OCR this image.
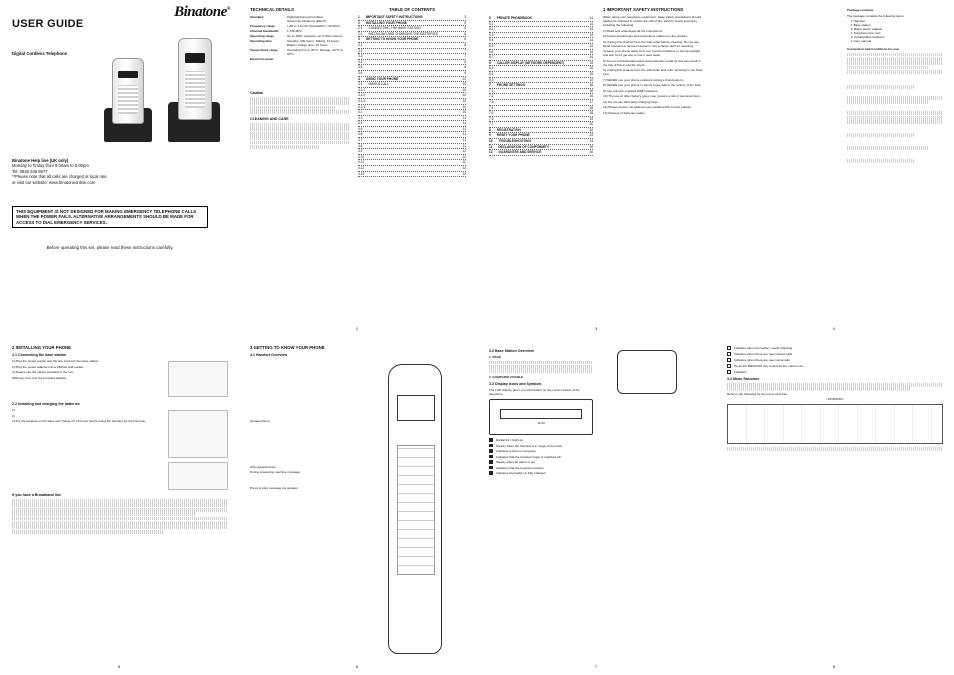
Binatone®
USER GUIDE
Digital Cordless Telephone
Binatone Help line (UK only)
Monday to Friday from 9.00am to 5.00pm
Tel: 0845 345 9677
**Please note that all calls are charged at local rate
or visit our website: www.binatoneonline.com
THIS EQUIPMENT IS NOT DESIGNED FOR MAKING EMERGENCY TELEPHONE CALLS WHEN THE POWER FAILS. ALTERNATIVE ARRANGEMENTS SHOULD BE MADE FOR ACCESS TO DIAL EMERGENCY SERVICES.
Before operating this set, please read these instructions carefully.
TECHNICAL DETAILS
Standard	Digital Enhanced Cordless Telecommunications (DECT)
Frequency range	1.88 to 1.9 GHz (bandwidth = 20 MHz)
Channel bandwidth	1.728 MHz
Operating range	Up to 300m outdoors; up to 50m indoors
Operating time	Standby: 100 hours, Talking: 10 hours, Battery charge time: 15 hours
Temperature range	Operating 0°C to 40°C, Storage -20°C to 60°C
Electrical power
Caution
CLEANING AND CARE
TABLE OF CONTENTS
1 IMPORTANT SAFETY INSTRUCTIONS	3
2 INSTALLING YOUR PHONE	5
2.1 CONNECTING THE BASE STATION	5
2.2 INSTALLING AND CHARGING THE BATTERIES	5
3 GETTING TO KNOW YOUR PHONE	6
3.1	6
3.2	7
3.3	7
3.4	8
3.5	8
3.6	9
4 USING YOUR PHONE	10
4.1 MAKE A CALL	10
4.1.1	10
4.1.2	10
4.1.3	10
4.1.4	10
4.2	10
4.3	11
4.4	11
4.5	11
4.6	11
4.7	11
4.8	11
4.9	12
4.10	12
4.11	12
4.12	12
4.13	13
1
5 PRIVATE PHONEBOOK	14
5.1	14
5.2	14
5.3	14
5.4	14
5.5	14
5.6	14
5.7	14
6 CALLER DISPLAY (NETWORK DEPENDENT)	15
6.1	15
6.2	15
6.3	15
7 PHONE SETTINGS	16
7.1	16
7.2	16
7.3	17
7.4	18
7.5	18
7.6	19
7.7	20
8 REGISTRATION	22
9 RESET YOUR PHONE	23
10 TROUBLESHOOTING	24
11 DECLARATION OF CONFORMITY	26
12 GUARANTEE AND SERVICE	26
1 IMPORTANT SAFETY INSTRUCTIONS
When using your telephone equipment, basic safety precautions should always be followed to reduce the risk of fire, electric shock and injury, including the following:
1) Read and understand all the instructions.
2) Follow all warnings and instructions marked on the product.
3) Unplug this product from the wall outlet before cleaning. Do not use liquid cleaners or aerosol cleaners. Use a damp cloth for cleaning.
4) Keep your phone away from hot, humid conditions or strong sunlight, and don't let it get wet or use it near water.
5) Do not overload wall outlets and extension cords as this can result in the risk of fire or electric shock.
6) Unplug this product from the wall outlet and refer servicing to our Help Line.
7) NEVER use your phone outdoors during a thunderstorm.
8) NEVER use your phone to report a gas leak in the vicinity of the leak.
9) Use only the supplied NiMH batteries.
10) The use of other battery types may present a risk of personal injury.
11) Do not use third party charging bays.
12) Please ensure the batteries are installed with correct polarity.
13) Dispose of batteries safely.
3
Package contents
The package contains the following items:
1 Handset
1 Base station
1 Mains power adapter
1 Telephone line cord
2 rechargeable batteries
1 User manual
Connection and Conditions for use:
4
2 INSTALLING YOUR PHONE
2.1 Connecting the base station
1) Plug the power supply and the line cord into the base station.
2) Plug the power adapter into a 230Vac wall socket.
3) Always use the cables provided in the box.
Warning: Use only the provided adapter.
2.2 Installing and charging the batteries
1)
2)
3) Put the handset on the base and charge for 15 hours before using the handset for the first time.
If you have a Broadband line
5
3 GETTING TO KNOW YOUR PHONE
3.1 Handset Overview
speakerphone
with speakerphone
During answering machine message
Press to play message via speaker
6
3.2 Base Station Overview
1. PAGE
2. CHARGING CRADLE
3.3 Display Icons and Symbols
The LCD display gives you information on the current status of the telephone.
12:30
Redial list / Call List
Steady when the handset is in range of the base
Indicates a call is in progress
Indicates that the handset ringer is switched off
Steady when an alarm is set
Indicates that the keypad is locked
Indicates the battery is fully charged
7
Indicates when the battery needs charging
Indicates when there are new missed calls
Indicates when there are new voicemails
Press the MENU/OK key to access the main menu
Indicates
3.4 Menu Structure
Refer to the following for the menu structure:
<UP/DOWN>
8
